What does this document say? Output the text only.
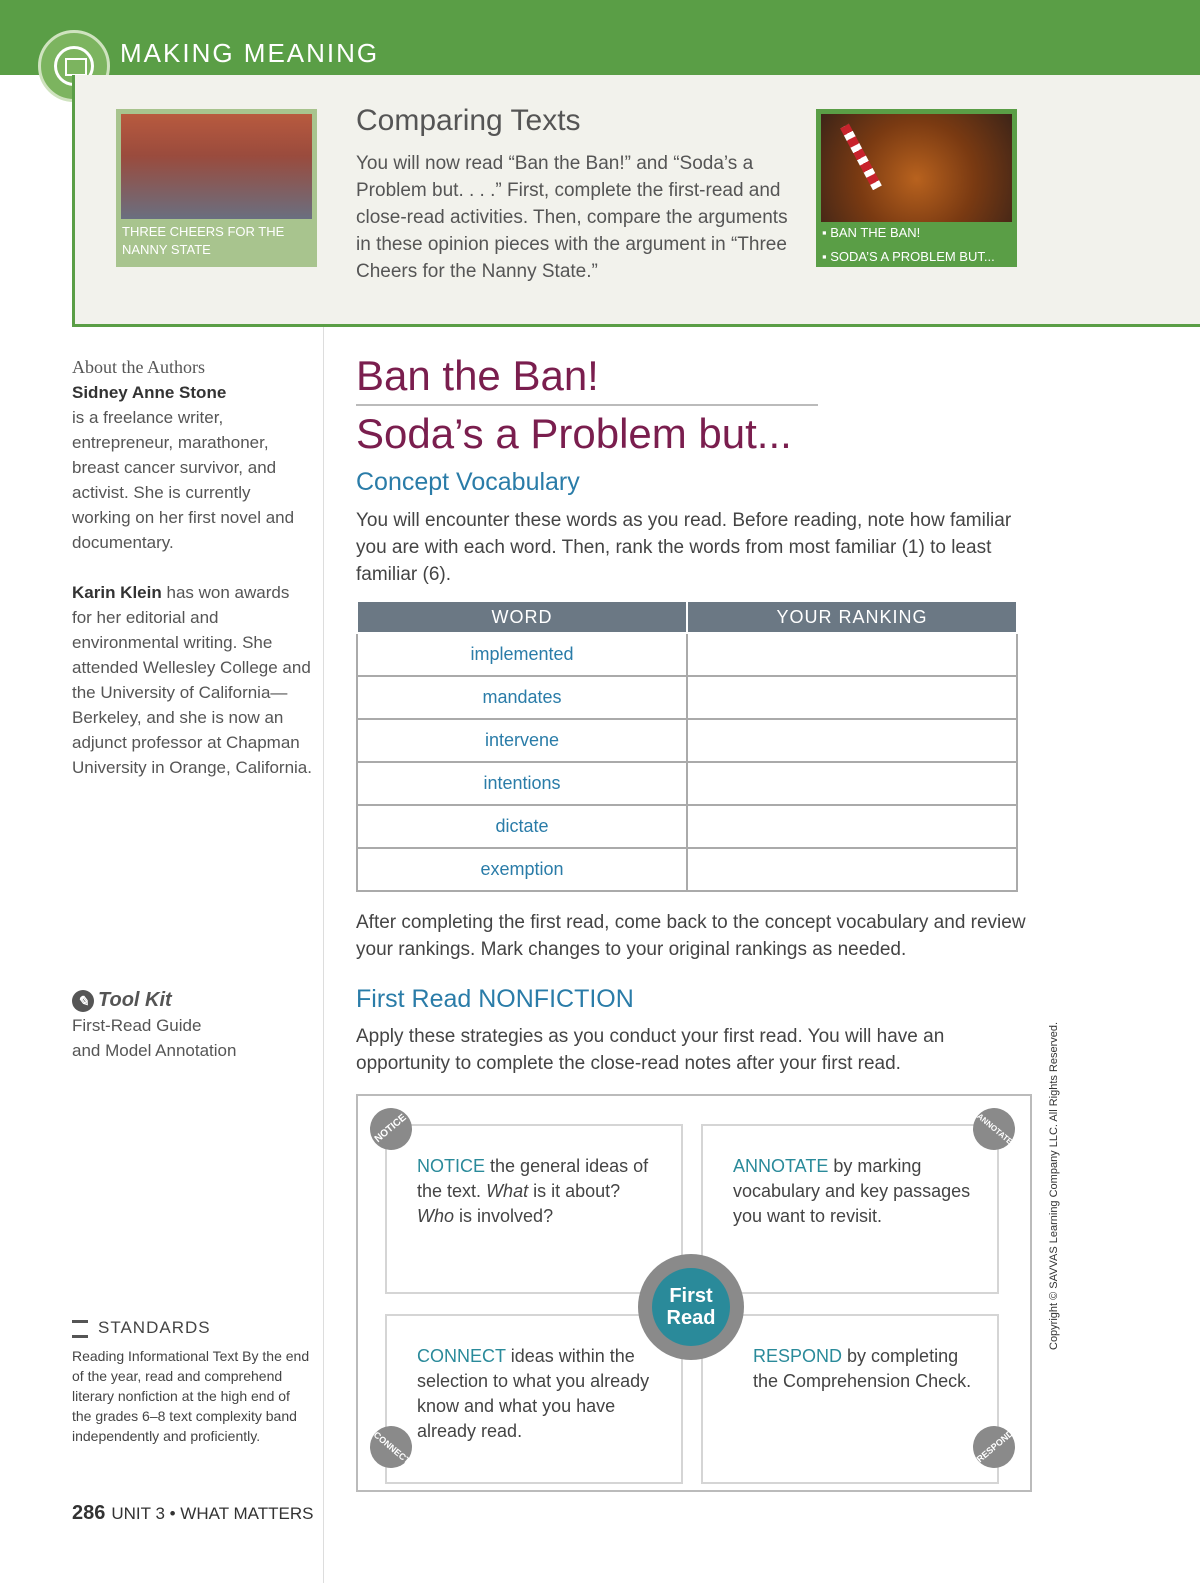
MAKING MEANING
THREE CHEERS FOR THE NANNY STATE
Comparing Texts
You will now read “Ban the Ban!” and “Soda’s a Problem but. . . .” First, complete the first-read and close-read activities. Then, compare the arguments in these opinion pieces with the argument in “Three Cheers for the Nanny State.”
▪ BAN THE BAN!
▪ SODA’S A PROBLEM BUT...
About the Authors
Sidney Anne Stone
is a freelance writer, entrepreneur, marathoner, breast cancer survivor, and activist. She is currently working on her first novel and documentary.
Karin Klein has won awards for her editorial and environmental writing. She attended Wellesley College and the University of California—Berkeley, and she is now an adjunct professor at Chapman University in Orange, California.
✎ Tool Kit
First-Read Guide
and Model Annotation
STANDARDS
Reading Informational Text By the end of the year, read and comprehend literary nonfiction at the high end of the grades 6–8 text complexity band independently and proficiently.
286 UNIT 3 • WHAT MATTERS
Ban the Ban!
Soda’s a Problem but...
Concept Vocabulary
You will encounter these words as you read. Before reading, note how familiar you are with each word. Then, rank the words from most familiar (1) to least familiar (6).
WORD	YOUR RANKING
implemented	
mandates	
intervene	
intentions	
dictate	
exemption	
After completing the first read, come back to the concept vocabulary and review your rankings. Mark changes to your original rankings as needed.
First Read NONFICTION
Apply these strategies as you conduct your first read. You will have an opportunity to complete the close-read notes after your first read.
NOTICE the general ideas of the text. What is it about? Who is involved?
ANNOTATE by marking vocabulary and key passages you want to revisit.
CONNECT ideas within the selection to what you already know and what you have already read.
RESPOND by completing the Comprehension Check.
NOTICE	ANNOTATE
CONNECT	RESPOND
First
Read	Copyright © SAVVAS Learning Company LLC. All Rights Reserved.
